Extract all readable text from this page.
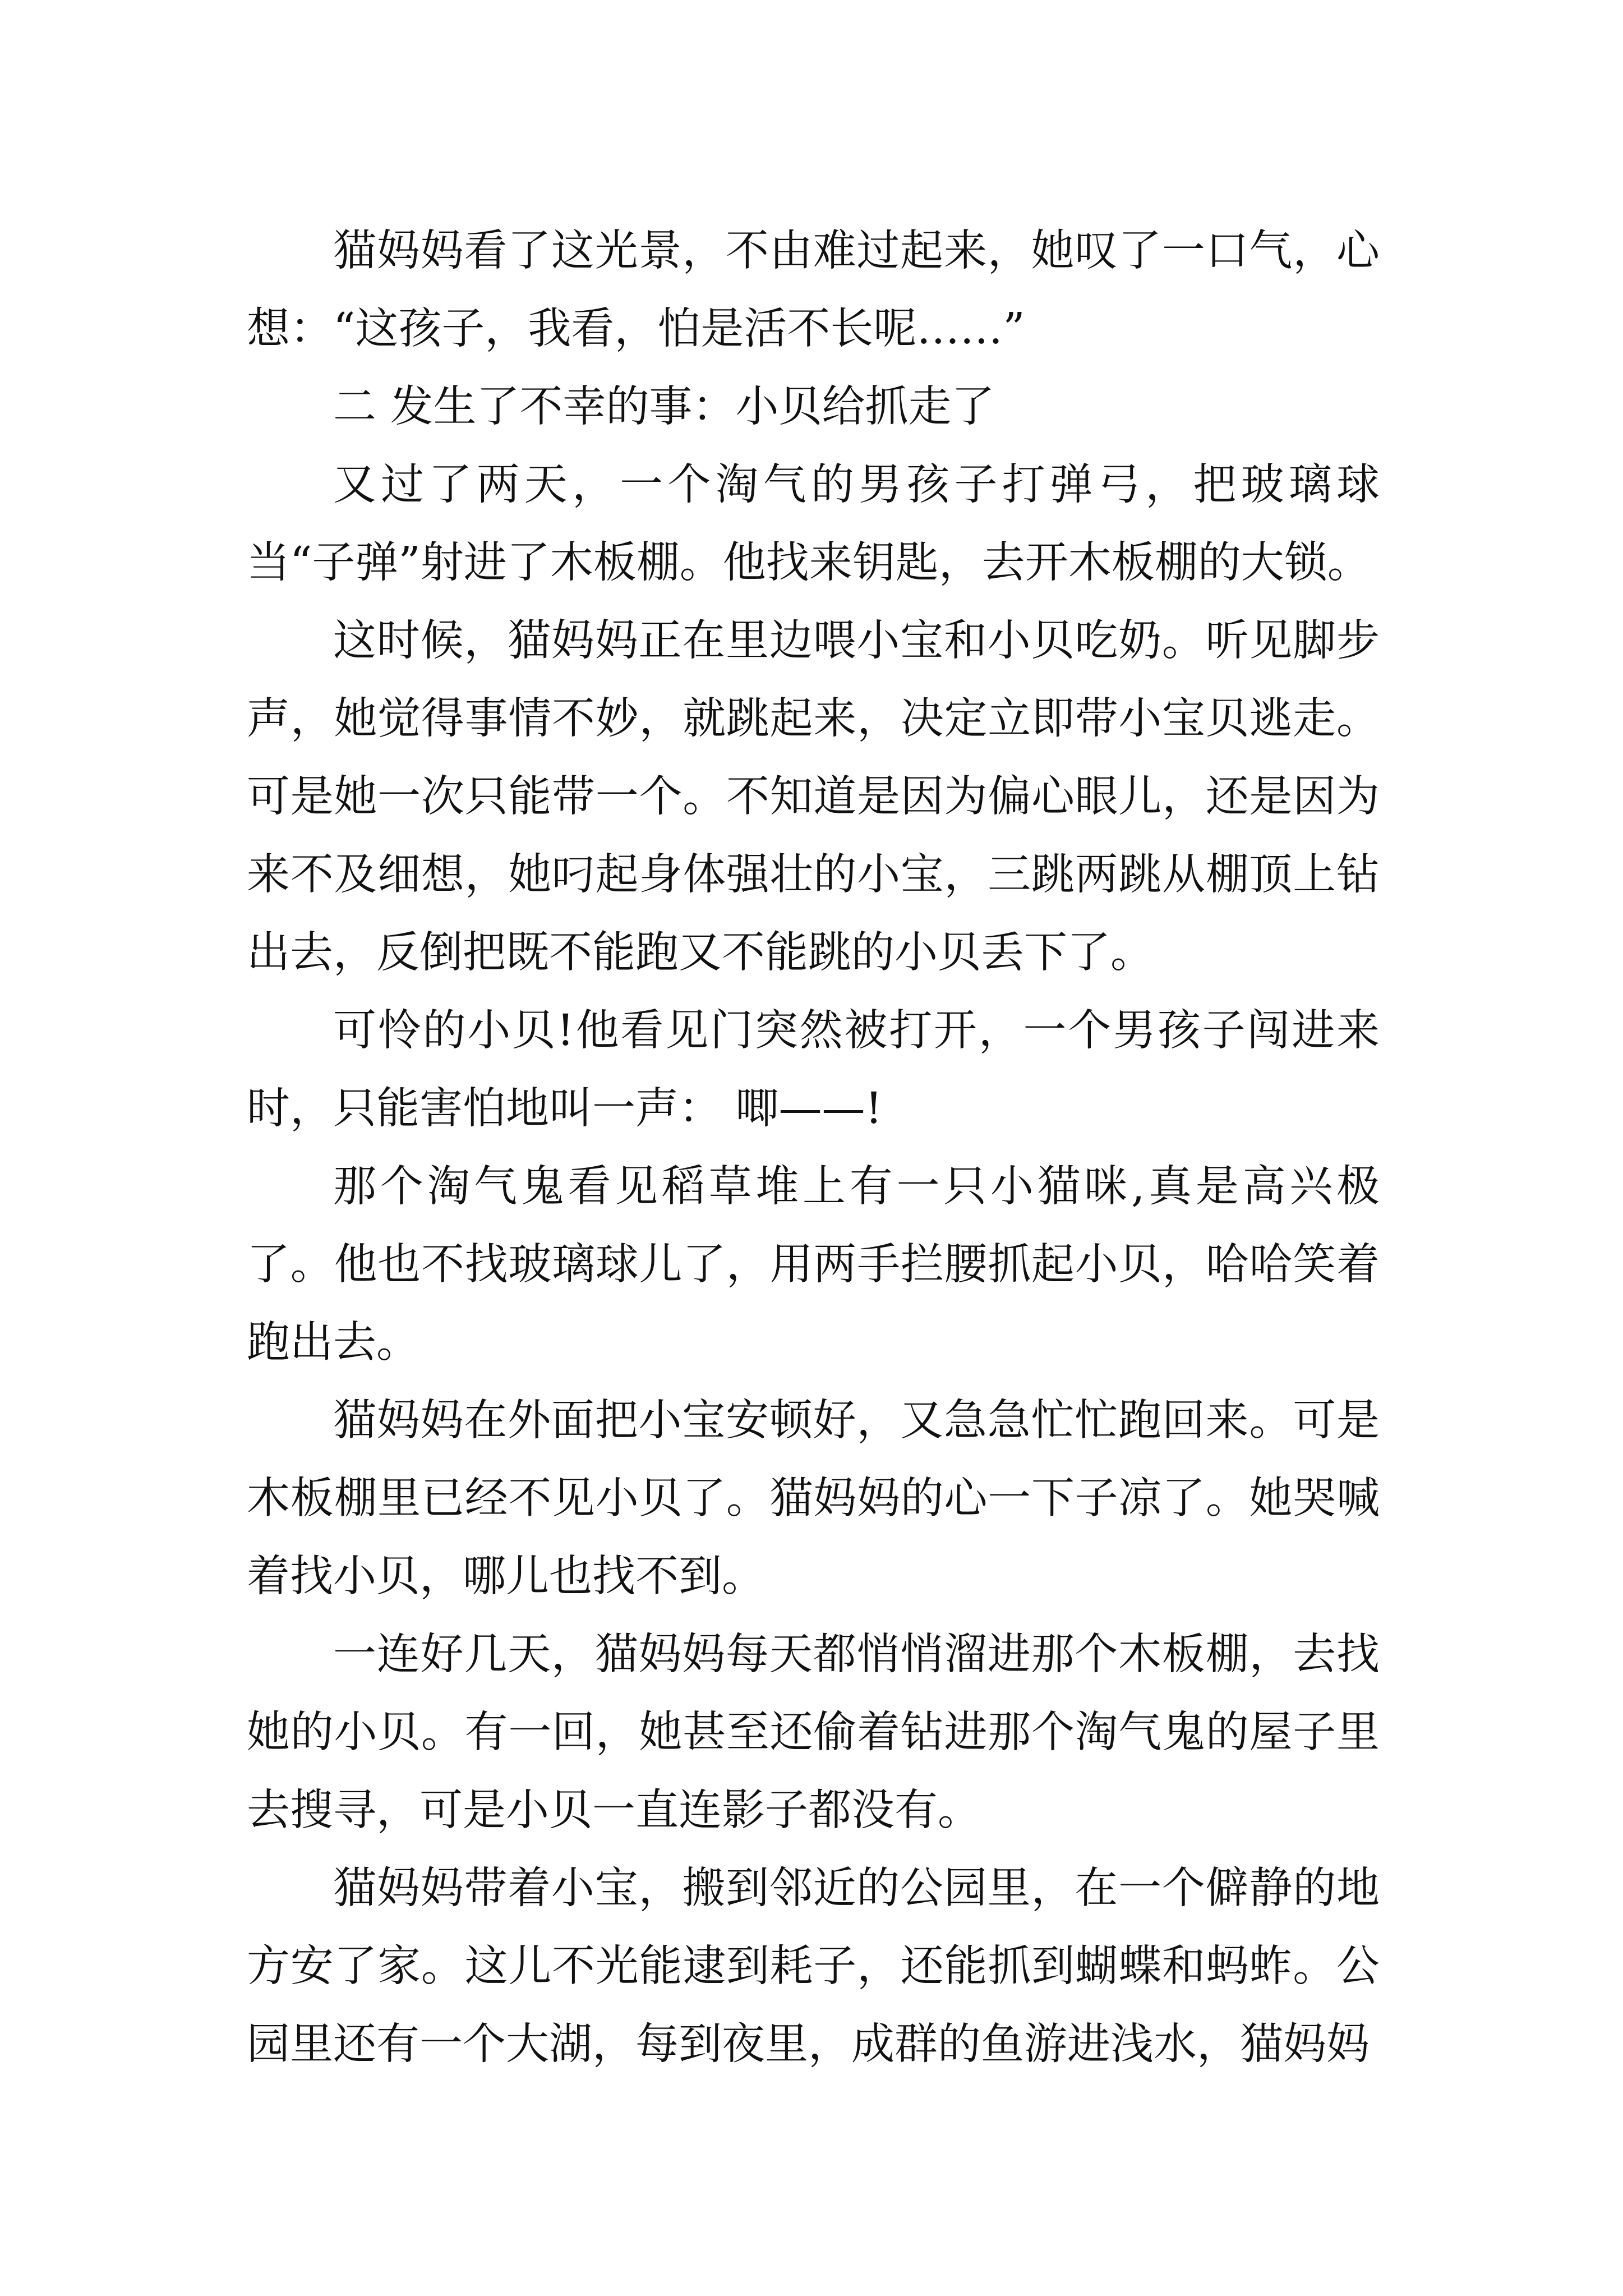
猫妈妈看了这光景，不由难过起来，她叹了一口气，心想：“这孩子，我看，怕是活不长呢……”

二 发生了不幸的事：小贝给抓走了

又过了两天，一个淘气的男孩子打弹弓，把玻璃球当“子弹”射进了木板棚。他找来钥匙，去开木板棚的大锁。

这时候，猫妈妈正在里边喂小宝和小贝吃奶。听见脚步声，她觉得事情不妙，就跳起来，决定立即带小宝贝逃走。可是她一次只能带一个。不知道是因为偏心眼儿，还是因为来不及细想，她叼起身体强壮的小宝，三跳两跳从棚顶上钻出去，反倒把既不能跑又不能跳的小贝丢下了。

可怜的小贝!他看见门突然被打开，一个男孩子闯进来时，只能害怕地叫一声： 唧——!

那个淘气鬼看见稻草堆上有一只小猫咪,真是高兴极了。他也不找玻璃球儿了，用两手拦腰抓起小贝，哈哈笑着跑出去。

猫妈妈在外面把小宝安顿好，又急急忙忙跑回来。可是木板棚里已经不见小贝了。猫妈妈的心一下子凉了。她哭喊着找小贝，哪儿也找不到。

一连好几天，猫妈妈每天都悄悄溜进那个木板棚，去找她的小贝。有一回，她甚至还偷着钻进那个淘气鬼的屋子里去搜寻，可是小贝一直连影子都没有。

猫妈妈带着小宝，搬到邻近的公园里，在一个僻静的地方安了家。这儿不光能逮到耗子，还能抓到蝴蝶和蚂蚱。公园里还有一个大湖，每到夜里，成群的鱼游进浅水，猫妈妈
